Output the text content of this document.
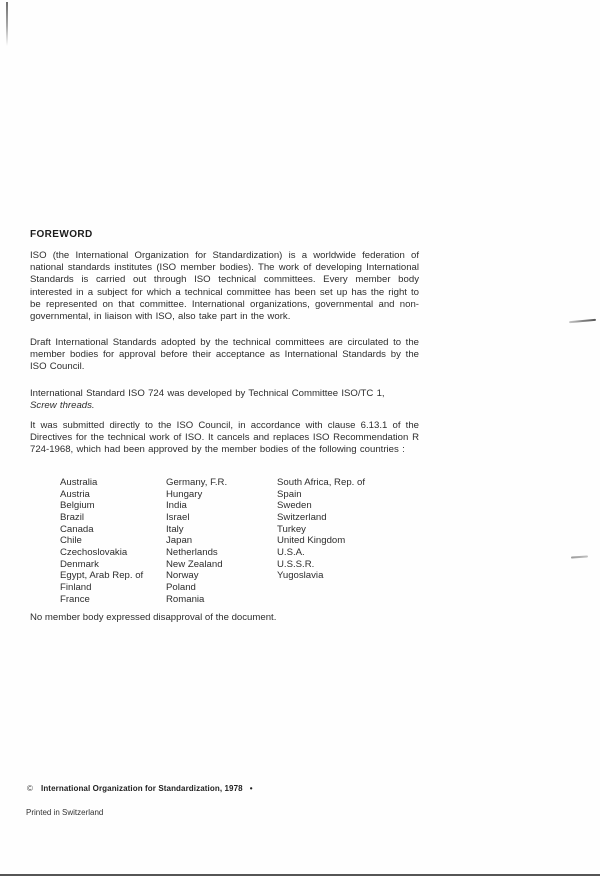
FOREWORD

ISO (the International Organization for Standardization) is a worldwide federation of national standards institutes (ISO member bodies). The work of developing International Standards is carried out through ISO technical committees. Every member body interested in a subject for which a technical committee has been set up has the right to be represented on that committee. International organizations, governmental and non-governmental, in liaison with ISO, also take part in the work.

Draft International Standards adopted by the technical committees are circulated to the member bodies for approval before their acceptance as International Standards by the ISO Council.

International Standard ISO 724 was developed by Technical Committee ISO/TC 1,
Screw threads.

It was submitted directly to the ISO Council, in accordance with clause 6.13.1 of the Directives for the technical work of ISO. It cancels and replaces ISO Recommendation R 724-1968, which had been approved by the member bodies of the following countries :

Australia
Austria
Belgium
Brazil
Canada
Chile
Czechoslovakia
Denmark
Egypt, Arab Rep. of
Finland
France
Germany, F.R.
Hungary
India
Israel
Italy
Japan
Netherlands
New Zealand
Norway
Poland
Romania
South Africa, Rep. of
Spain
Sweden
Switzerland
Turkey
United Kingdom
U.S.A.
U.S.S.R.
Yugoslavia

No member body expressed disapproval of the document.

© International Organization for Standardization, 1978 •

Printed in Switzerland
